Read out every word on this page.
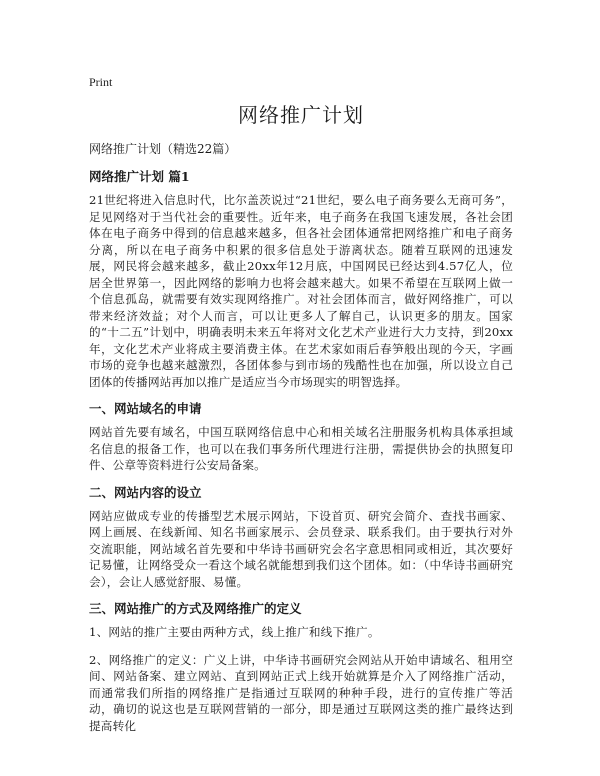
Print
网络推广计划
网络推广计划（精选22篇）
网络推广计划 篇1

21世纪将进入信息时代，比尔盖茨说过“21世纪，要么电子商务要么无商可务”，足见网络对于当代社会的重要性。近年来，电子商务在我国飞速发展，各社会团体在电子商务中得到的信息越来越多，但各社会团体通常把网络推广和电子商务分离，所以在电子商务中积累的很多信息处于游离状态。随着互联网的迅速发展，网民将会越来越多，截止20xx年12月底，中国网民已经达到4.57亿人，位居全世界第一，因此网络的影响力也将会越来越大。如果不希望在互联网上做一个信息孤岛，就需要有效实现网络推广。对社会团体而言，做好网络推广，可以带来经济效益；对个人而言，可以让更多人了解自己，认识更多的朋友。国家的“十二五”计划中，明确表明未来五年将对文化艺术产业进行大力支持，到20xx年，文化艺术产业将成主要消费主体。在艺术家如雨后春笋般出现的今天，字画市场的竞争也越来越激烈，各团体参与到市场的残酷性也在加强，所以设立自己团体的传播网站再加以推广是适应当今市场现实的明智选择。

一、网站域名的申请

网站首先要有域名，中国互联网络信息中心和相关域名注册服务机构具体承担域名信息的报备工作，也可以在我们事务所代理进行注册，需提供协会的执照复印件、公章等资料进行公安局备案。

二、网站内容的设立

网站应做成专业的传播型艺术展示网站，下设首页、研究会简介、查找书画家、网上画展、在线新闻、知名书画家展示、会员登录、联系我们。由于要执行对外交流职能，网站域名首先要和中华诗书画研究会名字意思相同或相近，其次要好记易懂，让网络受众一看这个域名就能想到我们这个团体。如：（中华诗书画研究会），会让人感觉舒服、易懂。

三、网站推广的方式及网络推广的定义

1、网站的推广主要由两种方式，线上推广和线下推广。

2、网络推广的定义：广义上讲，中华诗书画研究会网站从开始申请域名、租用空间、网站备案、建立网站、直到网站正式上线开始就算是介入了网络推广活动，而通常我们所指的网络推广是指通过互联网的种种手段，进行的宣传推广等活动，确切的说这也是互联网营销的一部分，即是通过互联网这类的推广最终达到提高转化
